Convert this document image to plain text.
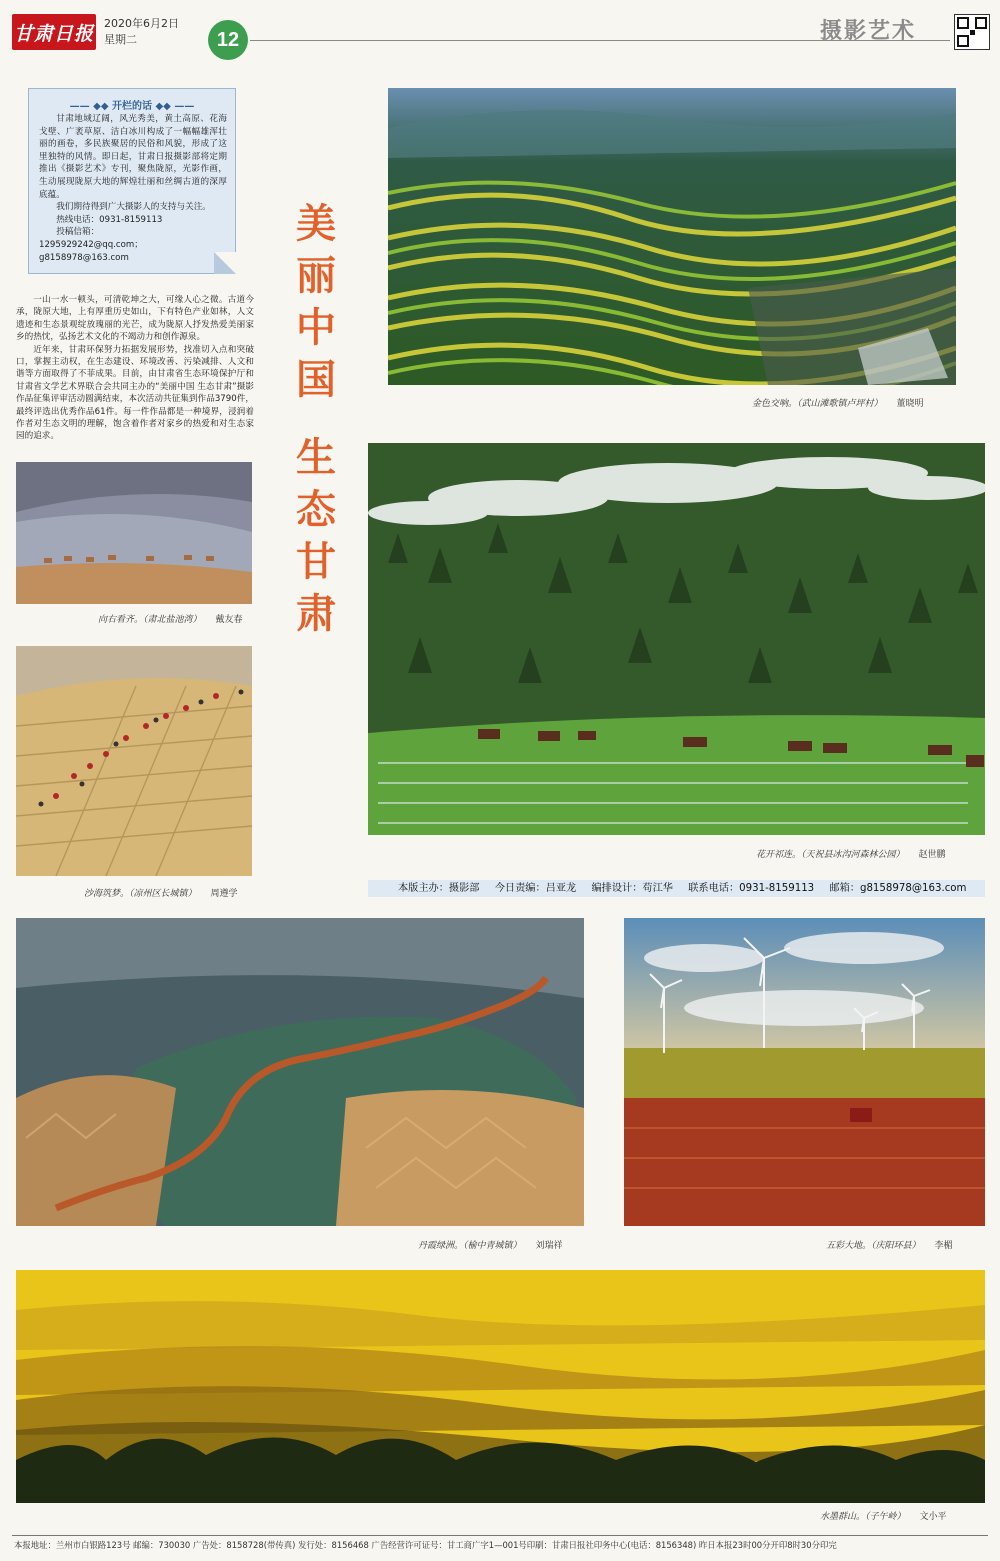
甘肃日报 2020年6月2日
星期二	12	摄影艺术
—— ◆◆ 开栏的话 ◆◆ ——

甘肃地域辽阔，风光秀美，黄土高原、花海戈壁、广袤草原、洁白冰川构成了一幅幅雄浑壮丽的画卷，多民族聚居的民俗和风貌，形成了这里独特的风情。即日起，甘肃日报摄影部将定期推出《摄影艺术》专刊，聚焦陇原，光影作画，生动展现陇原大地的辉煌壮丽和丝绸古道的深厚底蕴。

我们期待得到广大摄影人的支持与关注。

热线电话：0931-8159113
投稿信箱：
1295929242@qq.com；
g8158978@163.com

一山一水一顿头，可清乾坤之大，可缘人心之微。古道今承，陇原大地，上有厚重历史如山，下有特色产业如林，人文遗迹和生态景观绽放瑰丽的光芒，成为陇原人抒发热爱美丽家乡的热忱，弘扬艺术文化的不竭动力和创作源泉。

近年来，甘肃环保努力拓据发展形势，找准切入点和突破口，掌握主动权，在生态建设、环境改善、污染减排、人文和谐等方面取得了不菲成果。目前，由甘肃省生态环境保护厅和甘肃省文学艺术界联合会共同主办的“美丽中国 生态甘肃”摄影作品征集评审活动圆满结束，本次活动共征集到作品3790件，最终评选出优秀作品61件。每一件作品都是一种境界，浸润着作者对生态文明的理解，饱含着作者对家乡的热爱和对生态家园的追求。

美
丽
中
国
生
态
甘
肃
金色交响。（武山滩歌镇卢坪村） 董晓明
向右看齐。（肃北盐池湾） 戴友春
花开祁连。（天祝县冰沟河森林公园） 赵世鹏
沙海筑梦。（凉州区长城镇） 周遵学	本版主办：摄影部 今日责编：吕亚龙 编排设计：苟江华 联系电话：0931-8159113 邮箱：g8158978@163.com
丹霞绿洲。（榆中青城镇） 刘瑞祥	五彩大地。（庆阳环县） 李楣
水墨群山。（子午岭） 文小平
本报地址：兰州市白银路123号 邮编：730030 广告处：8158728(带传真) 发行处：8156468 广告经营许可证号：甘工商广字1—001号印刷：甘肃日报社印务中心(电话：8156348) 昨日本报23时00分开印8时30分印完
